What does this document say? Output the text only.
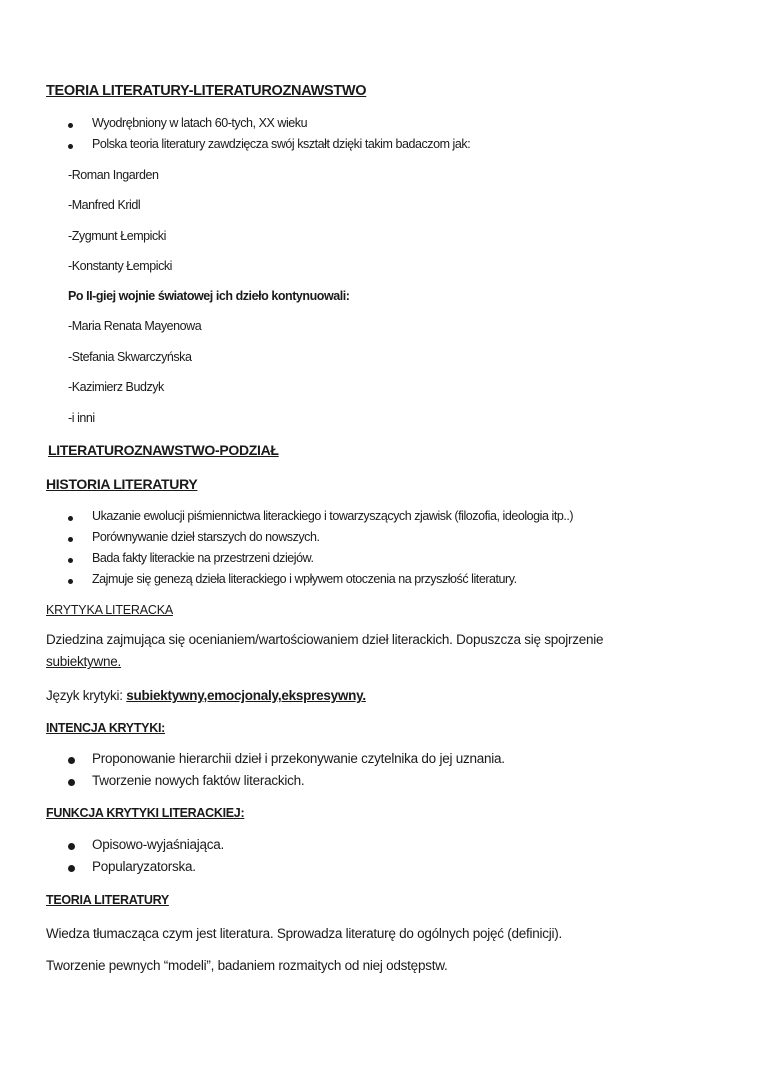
TEORIA LITERATURY-LITERATUROZNAWSTWO
Wyodrębniony w latach 60-tych, XX wieku
Polska teoria literatury zawdzięcza swój kształt dzięki takim badaczom jak:
-Roman Ingarden
-Manfred Kridl
-Zygmunt Łempicki
-Konstanty Łempicki
Po II-giej wojnie światowej ich dzieło kontynuowali:
-Maria Renata Mayenowa
-Stefania Skwarczyńska
-Kazimierz Budzyk
-i inni
LITERATUROZNAWSTWO-PODZIAŁ
HISTORIA LITERATURY
Ukazanie ewolucji piśmiennictwa literackiego i towarzyszących zjawisk (filozofia, ideologia itp..)
Porównywanie dzieł starszych do nowszych.
Bada fakty literackie na przestrzeni dziejów.
Zajmuje się genezą dzieła literackiego i wpływem otoczenia na przyszłość literatury.
KRYTYKA LITERACKA
Dziedzina zajmująca się ocenianiem/wartościowaniem dzieł literackich. Dopuszcza się spojrzenie
subiektywne.
Język krytyki: subiektywny,emocjonaly,ekspresywny.
INTENCJA KRYTYKI:
Proponowanie hierarchii dzieł i przekonywanie czytelnika do jej uznania.
Tworzenie nowych faktów literackich.
FUNKCJA KRYTYKI LITERACKIEJ:
Opisowo-wyjaśniająca.
Popularyzatorska.
TEORIA LITERATURY
Wiedza tłumacząca czym jest literatura. Sprowadza literaturę do ogólnych pojęć (definicji).
Tworzenie pewnych “modeli”, badaniem rozmaitych od niej odstępstw.
